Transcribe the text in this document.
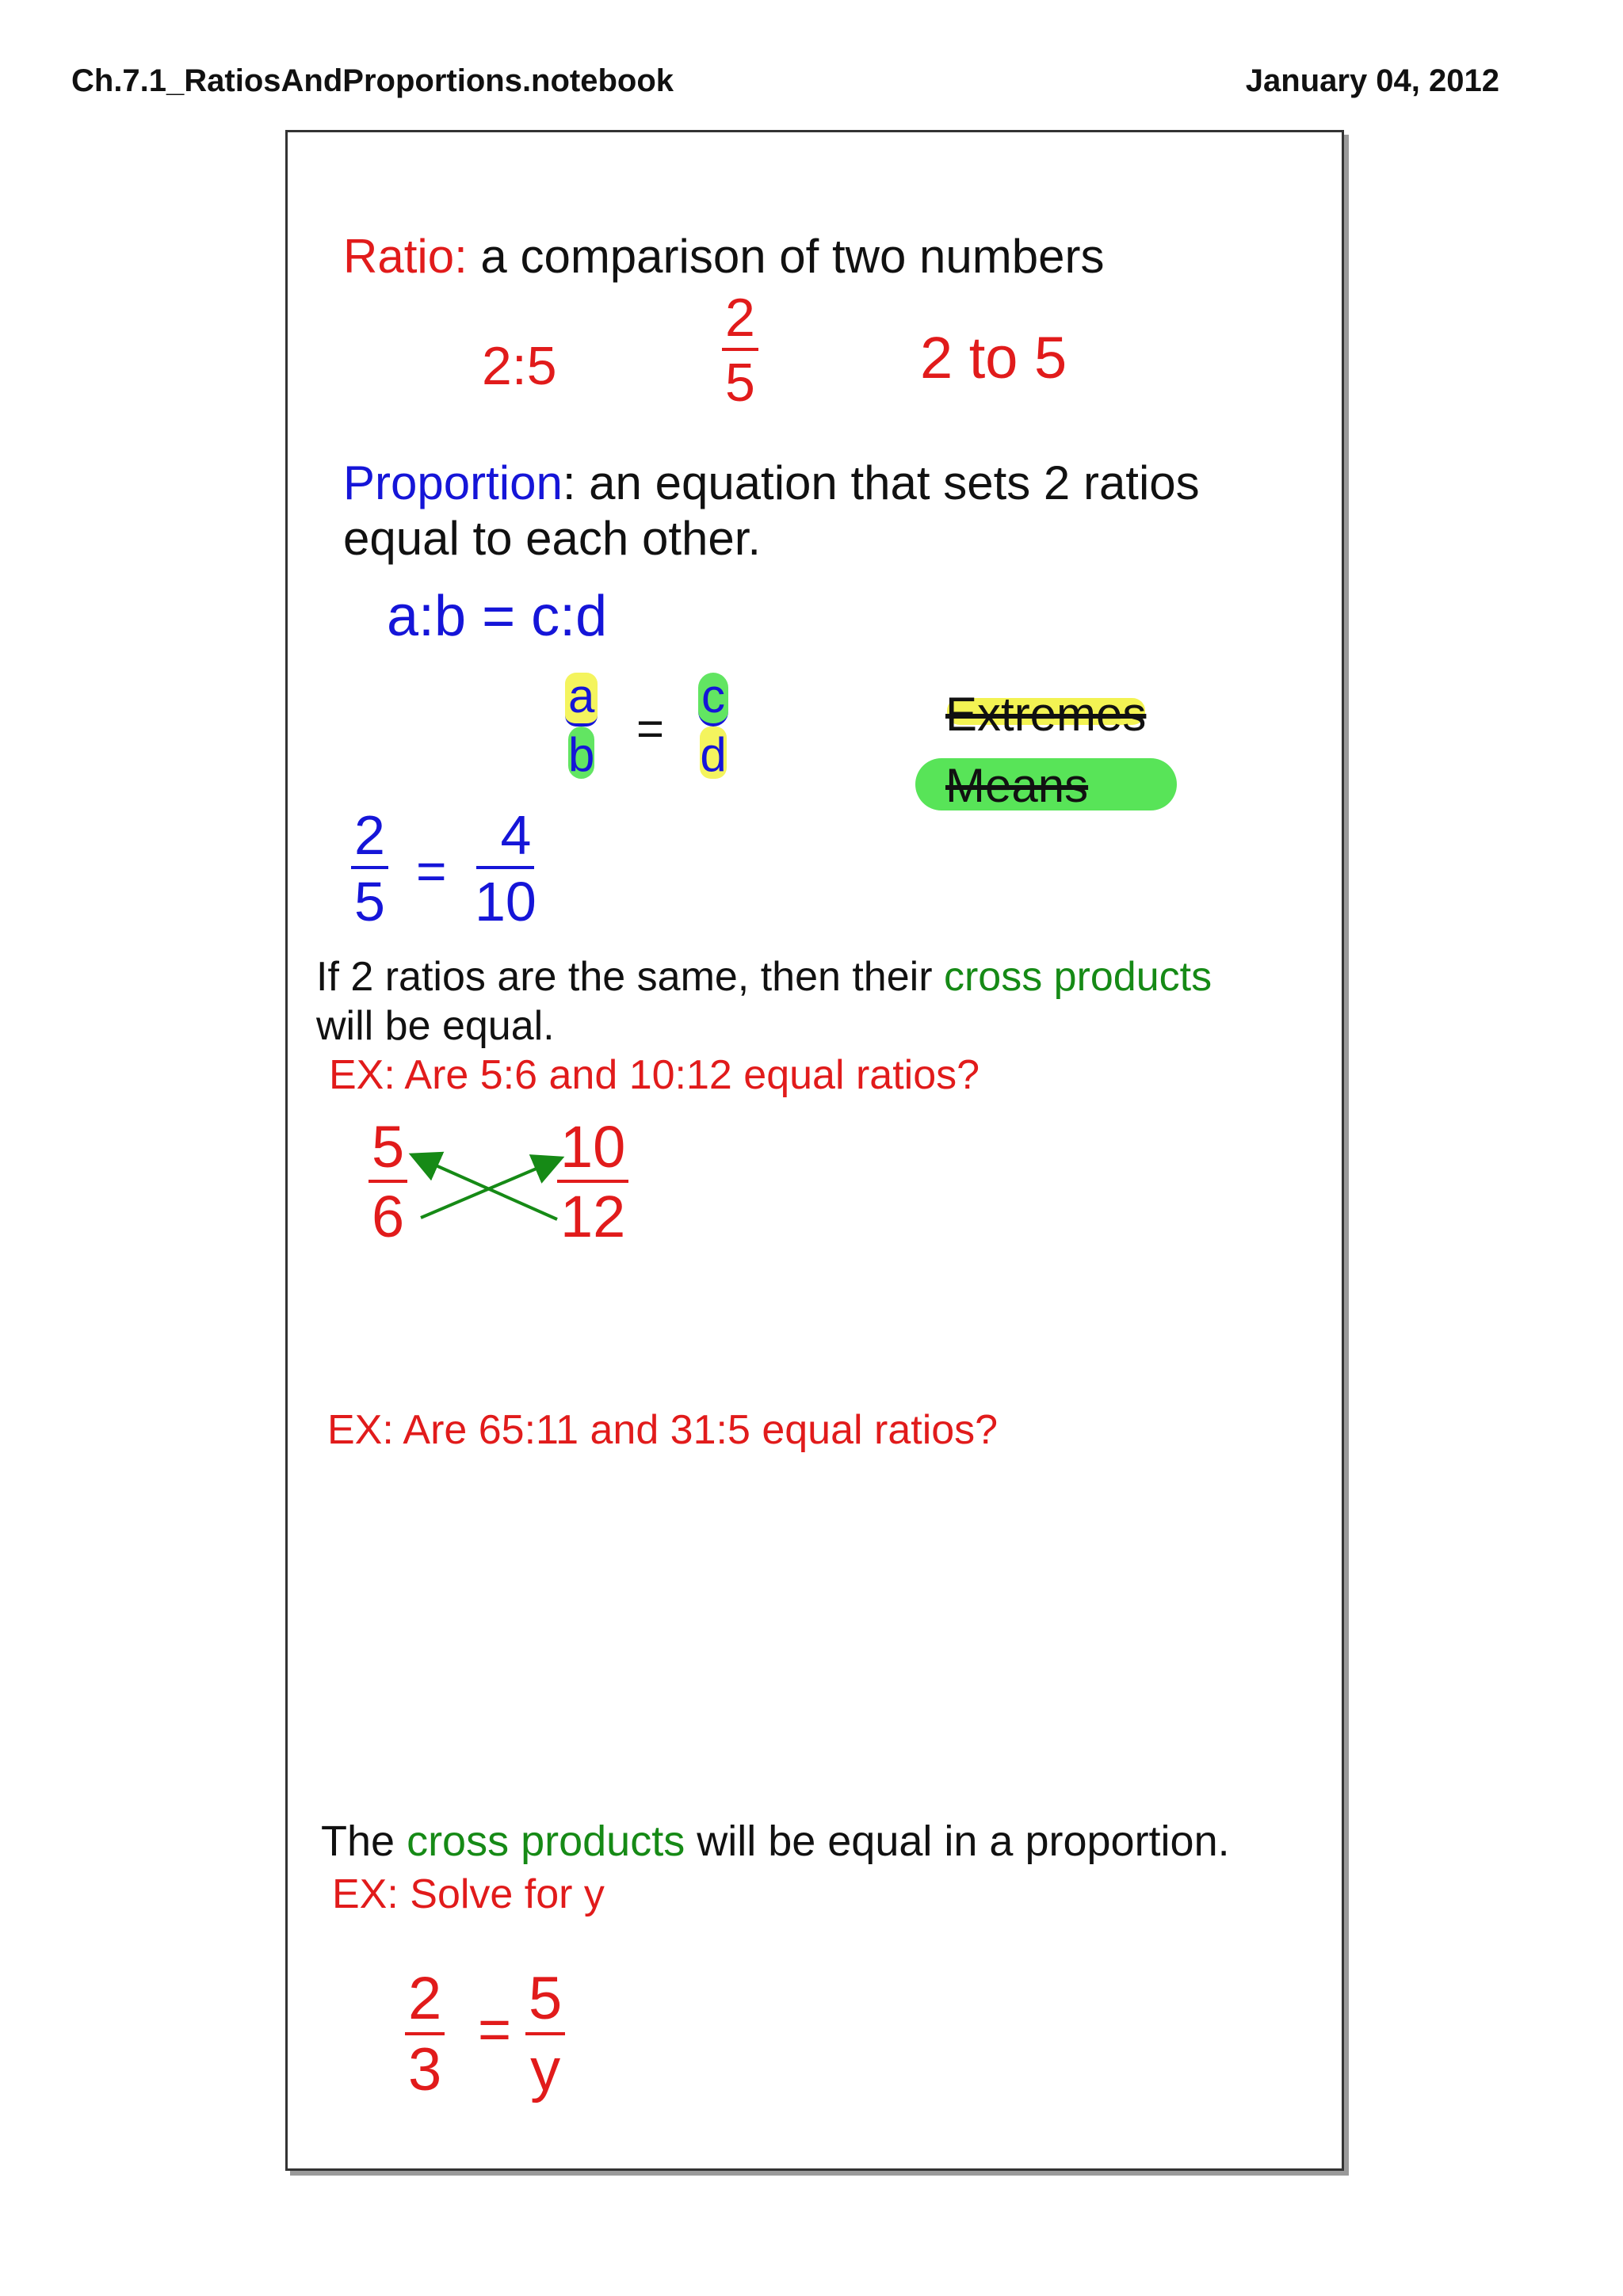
Ch.7.1_RatiosAndProportions.notebook	January 04, 2012
Ratio: a comparison of two numbers
2:5	$\frac{2}{5}$	2 to 5
Proportion: an equation that sets 2 ratios
equal to each other.
a:b = c:d
$\frac{a}{b} = \frac{c}{d}$	Extremes
Means
$\frac{2}{5} = \frac{4}{10}$
If 2 ratios are the same, then their cross products
will be equal.
EX: Are 5:6 and 10:12 equal ratios?
$\frac{5}{6}$	$\frac{10}{12}$
EX: Are 65:11 and 31:5 equal ratios?
The cross products will be equal in a proportion.
EX: Solve for y
$\frac{2}{3} = \frac{5}{y}$
